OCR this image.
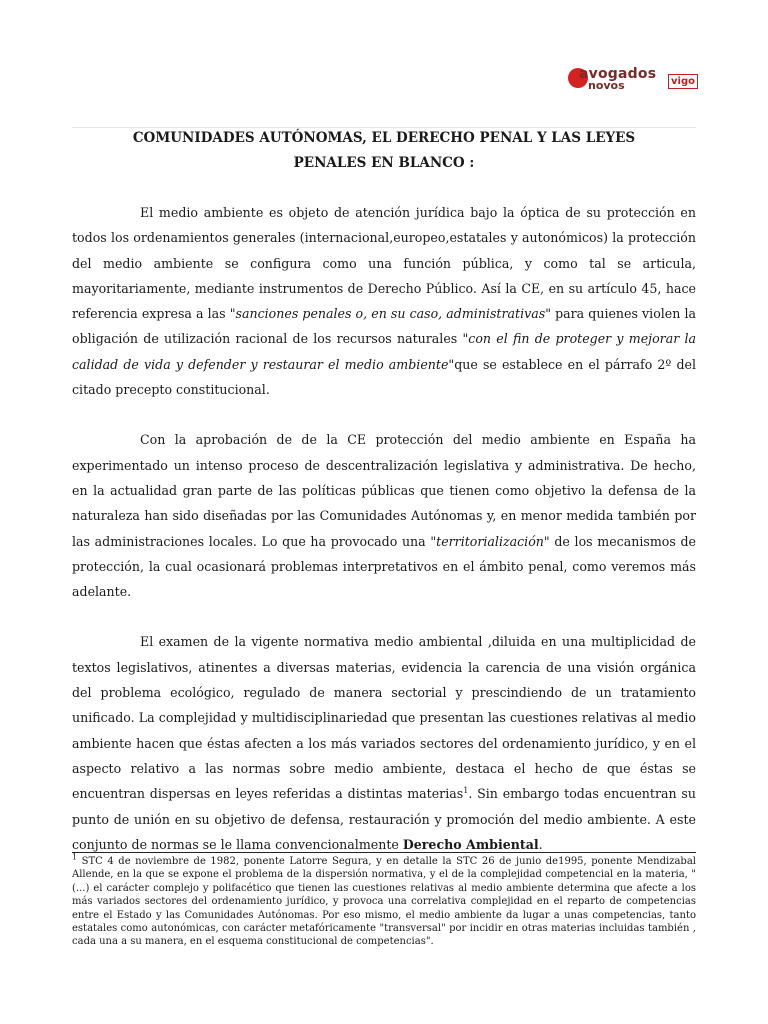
avogados
novos	vigo
COMUNIDADES AUTÓNOMAS, EL DERECHO PENAL Y LAS LEYES
PENALES EN BLANCO :

El medio ambiente es objeto de atención jurídica bajo la óptica de su protección en todos los ordenamientos generales (internacional,europeo,estatales y autonómicos) la protección del medio ambiente se configura como una función pública, y como tal se articula, mayoritariamente, mediante instrumentos de Derecho Público. Así la CE, en su artículo 45, hace referencia expresa a las "sanciones penales o, en su caso, administrativas" para quienes violen la obligación de utilización racional de los recursos naturales "con el fin de proteger y mejorar la calidad de vida y defender y restaurar el medio ambiente"que se establece en el párrafo 2º del citado precepto constitucional.

Con la aprobación de de la CE protección del medio ambiente en España ha experimentado un intenso proceso de descentralización legislativa y administrativa. De hecho, en la actualidad gran parte de las políticas públicas que tienen como objetivo la defensa de la naturaleza han sido diseñadas por las Comunidades Autónomas y, en menor medida también por las administraciones locales. Lo que ha provocado una "territorialización" de los mecanismos de protección, la cual ocasionará problemas interpretativos en el ámbito penal, como veremos más adelante.

El examen de la vigente normativa medio ambiental ,diluida en una multiplicidad de textos legislativos, atinentes a diversas materias, evidencia la carencia de una visión orgánica del problema ecológico, regulado de manera sectorial y prescindiendo de un tratamiento unificado. La complejidad y multidisciplinariedad que presentan las cuestiones relativas al medio ambiente hacen que éstas afecten a los más variados sectores del ordenamiento jurídico, y en el aspecto relativo a las normas sobre medio ambiente, destaca el hecho de que éstas se encuentran dispersas en leyes referidas a distintas materias$^1$. Sin embargo todas encuentran su punto de unión en su objetivo de defensa, restauración y promoción del medio ambiente. A este conjunto de normas se le llama convencionalmente Derecho Ambiental.

$^1$ STC 4 de noviembre de 1982, ponente Latorre Segura, y en detalle la STC 26 de junio de1995, ponente Mendizabal Allende, en la que se expone el problema de la dispersión normativa, y el de la complejidad competencial en la materia, "(...) el carácter complejo y polifacético que tienen las cuestiones relativas al medio ambiente determina que afecte a los más variados sectores del ordenamiento jurídico, y provoca una correlativa complejidad en el reparto de competencias entre el Estado y las Comunidades Autónomas. Por eso mismo, el medio ambiente da lugar a unas competencias, tanto estatales como autonómicas, con carácter metafóricamente "transversal" por incidir en otras materias incluidas también , cada una a su manera, en el esquema constitucional de competencias".
